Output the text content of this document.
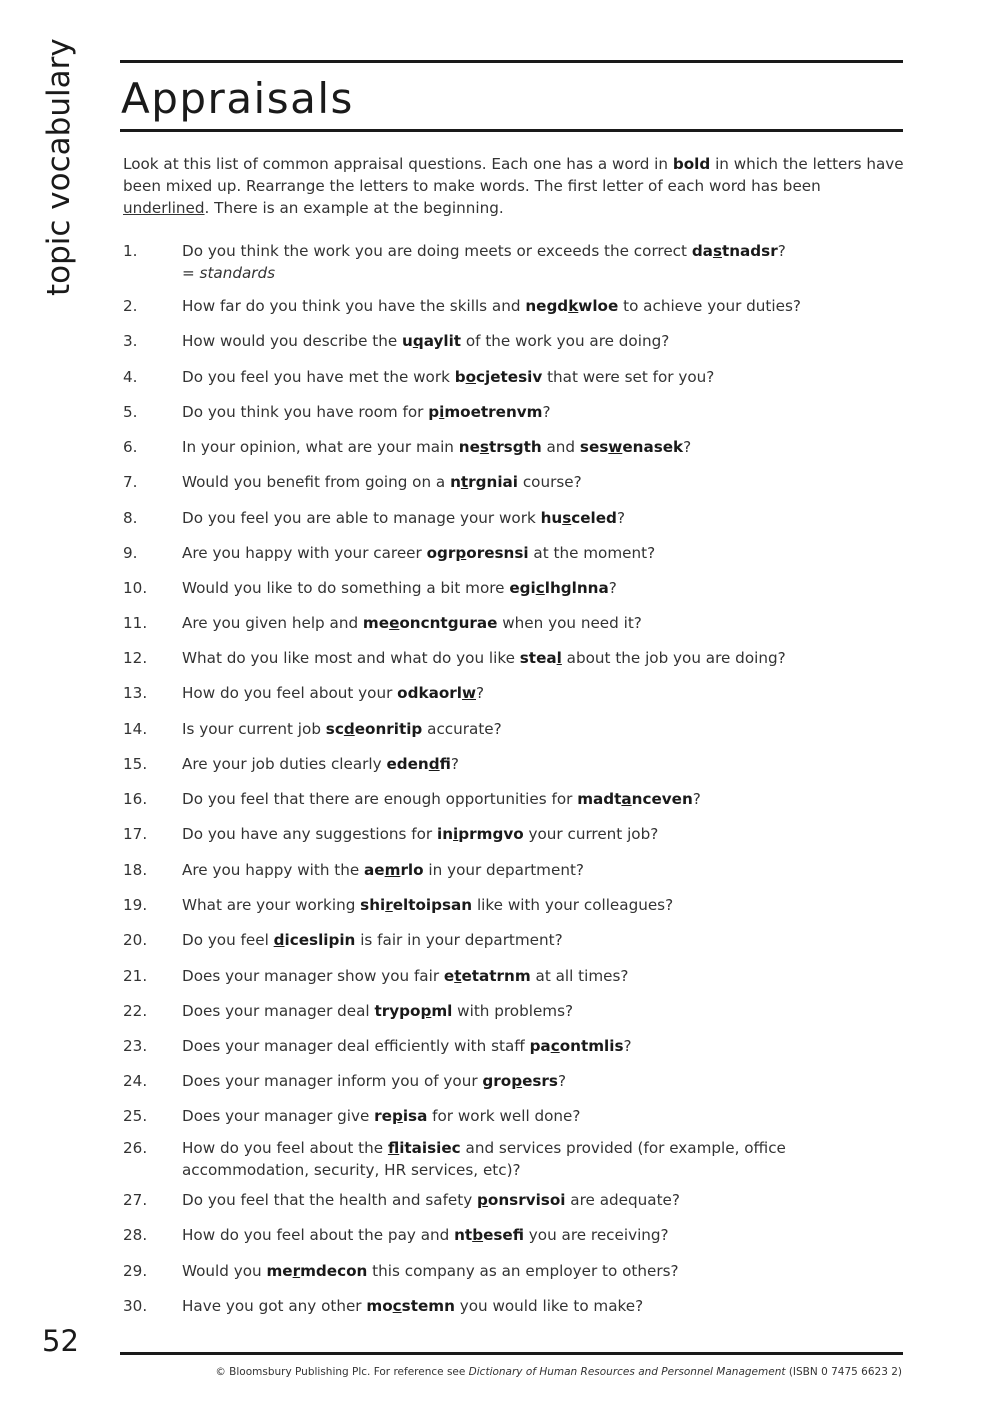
topic vocabulary
52
Appraisals
Look at this list of common appraisal questions. Each one has a word in bold in which the letters have been mixed up. Rearrange the letters to make words. The first letter of each word has been underlined. There is an example at the beginning.
1.	Do you think the work you are doing meets or exceeds the correct dastnadsr?
= standards
2.	How far do you think you have the skills and negdkwloe to achieve your duties?
3.	How would you describe the uqaylit of the work you are doing?
4.	Do you feel you have met the work bocjetesiv that were set for you?
5.	Do you think you have room for pimoetrenvm?
6.	In your opinion, what are your main nestrsgth and seswenasek?
7.	Would you benefit from going on a ntrgniai course?
8.	Do you feel you are able to manage your work husceled?
9.	Are you happy with your career ogrporesnsi at the moment?
10. Would you like to do something a bit more egiclhglnna?
11. Are you given help and meeoncntgurae when you need it?
12. What do you like most and what do you like steal about the job you are doing?
13. How do you feel about your odkaorlw?
14. Is your current job scdeonritip accurate?
15. Are your job duties clearly edendfi?
16. Do you feel that there are enough opportunities for madtanceven?
17. Do you have any suggestions for iniprmgvo your current job?
18. Are you happy with the aemrlo in your department?
19. What are your working shireltoipsan like with your colleagues?
20. Do you feel diceslipin is fair in your department?
21. Does your manager show you fair etetatrnm at all times?
22. Does your manager deal trypopml with problems?
23. Does your manager deal efficiently with staff pacontmlis?
24. Does your manager inform you of your gropesrs?
25. Does your manager give repisa for work well done?
26. How do you feel about the flitaisiec and services provided (for example, office accommodation, security, HR services, etc)?
27. Do you feel that the health and safety ponsrvisoi are adequate?
28. How do you feel about the pay and ntbesefi you are receiving?
29. Would you mermdecon this company as an employer to others?
30. Have you got any other mocstemn you would like to make?
© Bloomsbury Publishing Plc. For reference see Dictionary of Human Resources and Personnel Management (ISBN 0 7475 6623 2)
